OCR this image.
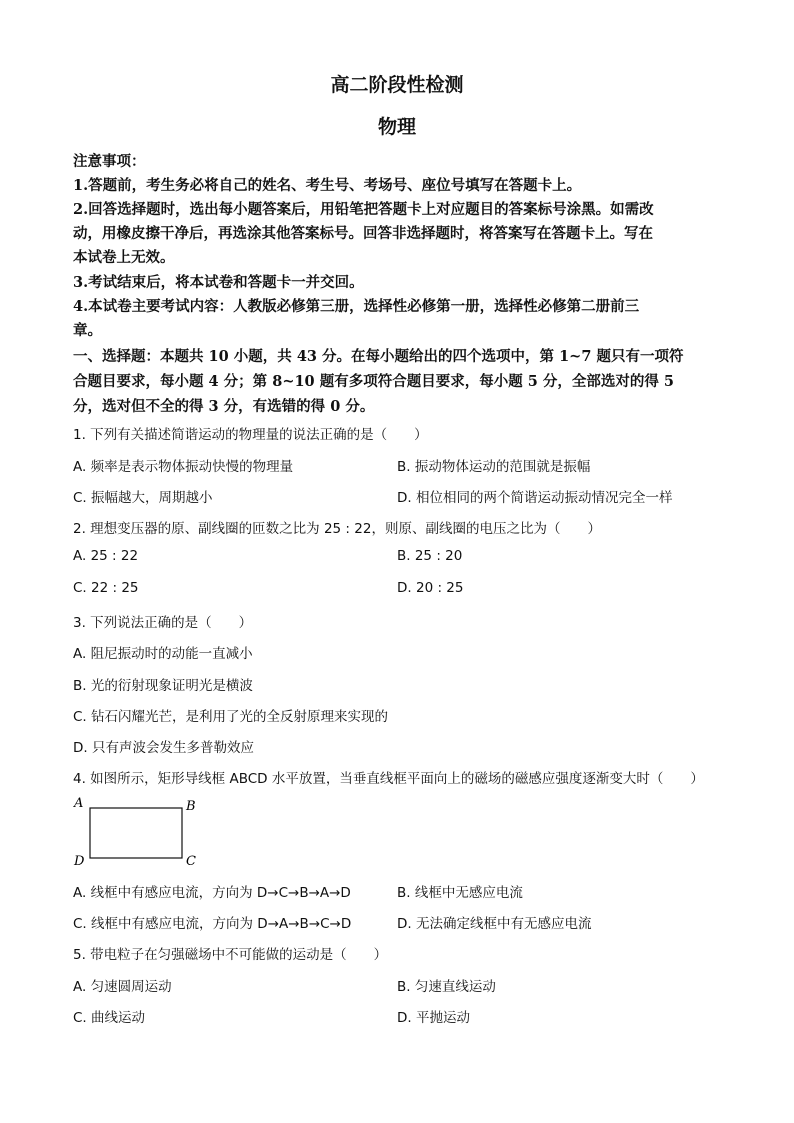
高二阶段性检测
物理
注意事项：
1.答题前，考生务必将自己的姓名、考生号、考场号、座位号填写在答题卡上。
2.回答选择题时，选出每小题答案后，用铅笔把答题卡上对应题目的答案标号涂黑。如需改
动，用橡皮擦干净后，再选涂其他答案标号。回答非选择题时，将答案写在答题卡上。写在
本试卷上无效。
3.考试结束后，将本试卷和答题卡一并交回。
4.本试卷主要考试内容：人教版必修第三册，选择性必修第一册，选择性必修第二册前三
章。
一、选择题：本题共 10 小题，共 43 分。在每小题给出的四个选项中，第 1~7 题只有一项符
合题目要求，每小题 4 分；第 8~10 题有多项符合题目要求，每小题 5 分，全部选对的得 5
分，选对但不全的得 3 分，有选错的得 0 分。
1. 下列有关描述简谐运动的物理量的说法正确的是（　　）
A. 频率是表示物体振动快慢的物理量	B. 振动物体运动的范围就是振幅
C. 振幅越大，周期越小	D. 相位相同的两个简谐运动振动情况完全一样
2. 理想变压器的原、副线圈的匝数之比为 25 : 22，则原、副线圈的电压之比为（　　）
A. 25 : 22	B. 25 : 20
C. 22 : 25	D. 20 : 25
3. 下列说法正确的是（　　）
A. 阻尼振动时的动能一直减小
B. 光的衍射现象证明光是横波
C. 钻石闪耀光芒，是利用了光的全反射原理来实现的
D. 只有声波会发生多普勒效应
4. 如图所示，矩形导线框 ABCD 水平放置，当垂直线框平面向上的磁场的磁感应强度逐渐变大时（　　）
A	B
C
D
A. 线框中有感应电流，方向为 D→C→B→A→D	B. 线框中无感应电流
C. 线框中有感应电流，方向为 D→A→B→C→D	D. 无法确定线框中有无感应电流
5. 带电粒子在匀强磁场中不可能做的运动是（　　）
A. 匀速圆周运动	B. 匀速直线运动
C. 曲线运动	D. 平抛运动
